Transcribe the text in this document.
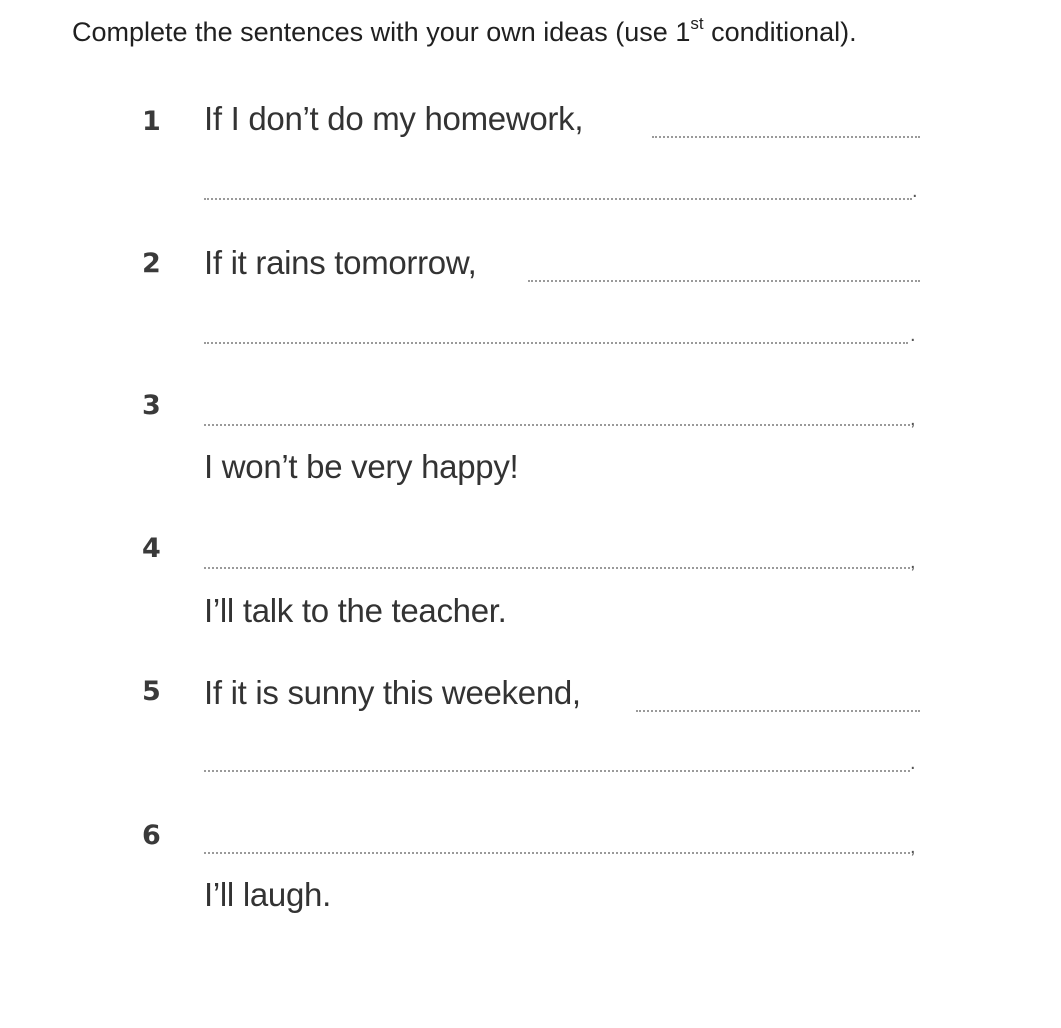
Complete the sentences with your own ideas (use 1st conditional).
1 If I don’t do my homework,
.
2 If it rains tomorrow,
.
3	,
I won’t be very happy!
4	,
I’ll talk to the teacher.
5 If it is sunny this weekend,
.
6	,
I’ll laugh.
